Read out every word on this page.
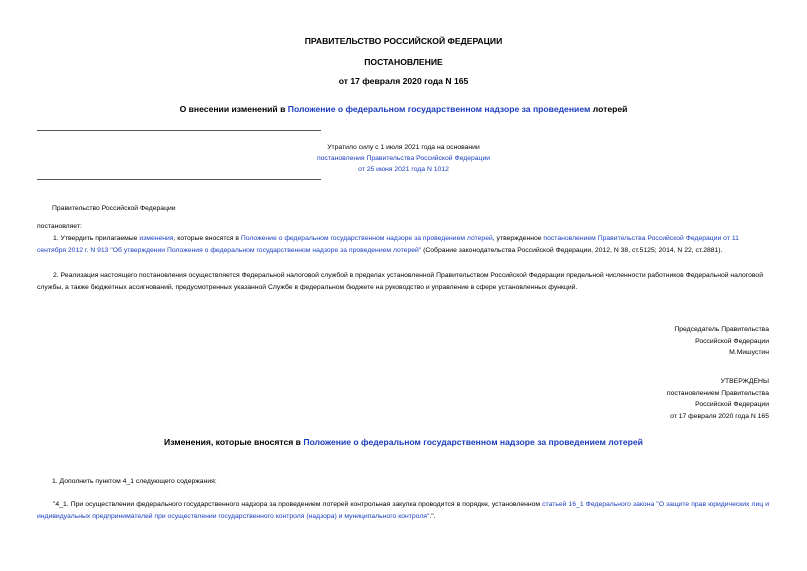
ПРАВИТЕЛЬСТВО РОССИЙСКОЙ ФЕДЕРАЦИИ
ПОСТАНОВЛЕНИЕ
от 17 февраля 2020 года N 165
О внесении изменений в Положение о федеральном государственном надзоре за проведением лотерей
Утратило силу с 1 июля 2021 года на основании
постановления Правительства Российской Федерации
от 25 июня 2021 года N 1012
Правительство Российской Федерации
постановляет:
1. Утвердить прилагаемые изменения, которые вносятся в Положение о федеральном государственном надзоре за проведением лотерей, утвержденное постановлением Правительства Российской Федерации от 11 сентября 2012 г. N 913 "Об утверждении Положения о федеральном государственном надзоре за проведением лотерей" (Собрание законодательства Российской Федерации, 2012, N 38, ст.5125; 2014, N 22, ст.2881).
2. Реализация настоящего постановления осуществляется Федеральной налоговой службой в пределах установленной Правительством Российской Федерации предельной численности работников Федеральной налоговой службы, а также бюджетных ассигнований, предусмотренных указанной Службе в федеральном бюджете на руководство и управление в сфере установленных функций.
Председатель Правительства
Российской Федерации
М.Мишустин
УТВЕРЖДЕНЫ
постановлением Правительства
Российской Федерации
от 17 февраля 2020 года N 165
Изменения, которые вносятся в Положение о федеральном государственном надзоре за проведением лотерей
1. Дополнить пунктом 4_1 следующего содержания:
"4_1. При осуществлении федерального государственного надзора за проведением лотерей контрольная закупка проводится в порядке, установленном статьей 16_1 Федерального закона "О защите прав юридических лиц и индивидуальных предпринимателей при осуществлении государственного контроля (надзора) и муниципального контроля".".
